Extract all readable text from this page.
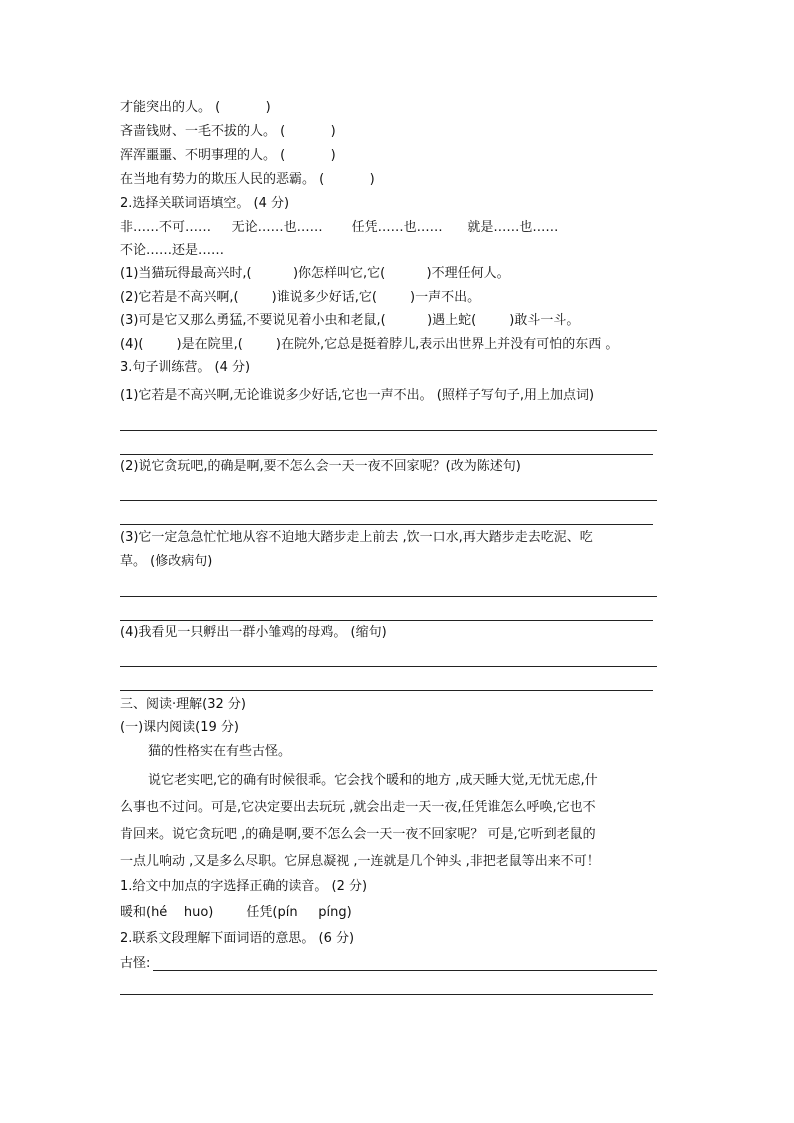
才能突出的人。 (           )
吝啬钱财、一毛不拔的人。 (           )
浑浑噩噩、不明事理的人。 (           )
在当地有势力的欺压人民的恶霸。 (           )
2.选择关联词语填空。 (4 分)
非……不可……     无论……也……       任凭……也……      就是……也……
不论……还是……
(1)当猫玩得最高兴时,(          )你怎样叫它,它(          )不理任何人。
(2)它若是不高兴啊,(        )谁说多少好话,它(        )一声不出。
(3)可是它又那么勇猛,不要说见着小虫和老鼠,(          )遇上蛇(        )敢斗一斗。
(4)(        )是在院里,(        )在院外,它总是挺着脖儿,表示出世界上并没有可怕的东西 。
3.句子训练营。 (4 分)
(1)它若是不高兴啊,无论谁说多少好话,它也一声不出。 (照样子写句子,用上加点词)
(2)说它贪玩吧,的确是啊,要不怎么会一天一夜不回家呢？(改为陈述句)
(3)它一定急急忙忙地从容不迫地大踏步走上前去 ,饮一口水,再大踏步走去吃泥、吃
草。 (修改病句)
(4)我看见一只孵出一群小雏鸡的母鸡。 (缩句)
三、阅读·理解(32 分)
(一)课内阅读(19 分)
猫的性格实在有些古怪。
说它老实吧,它的确有时候很乖。它会找个暖和的地方 ,成天睡大觉,无忧无虑,什
么事也不过问。可是,它决定要出去玩玩 ,就会出走一天一夜,任凭谁怎么呼唤,它也不
肯回来。说它贪玩吧 ,的确是啊,要不怎么会一天一夜不回家呢？ 可是,它听到老鼠的
一点儿响动 ,又是多么尽职。它屏息凝视 ,一连就是几个钟头 ,非把老鼠等出来不可！
1.给文中加点的字选择正确的读音。 (2 分)
暖和(hé    huo)        任凭(pín     píng)
2.联系文段理解下面词语的意思。 (6 分)
古怪:
